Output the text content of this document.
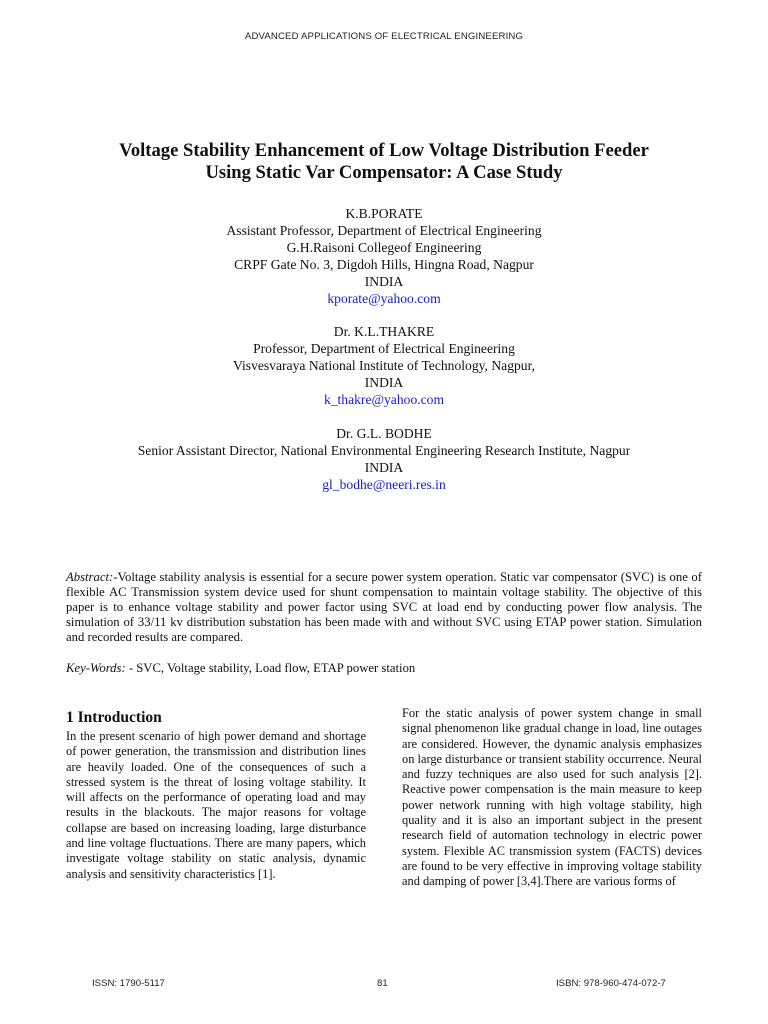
ADVANCED APPLICATIONS OF ELECTRICAL ENGINEERING
Voltage Stability Enhancement of Low Voltage Distribution Feeder
Using Static Var Compensator: A Case Study
K.B.PORATE
Assistant Professor, Department of Electrical Engineering
G.H.Raisoni Collegeof Engineering
CRPF Gate No. 3, Digdoh Hills, Hingna Road, Nagpur
INDIA
kporate@yahoo.com
Dr. K.L.THAKRE
Professor, Department of Electrical Engineering
Visvesvaraya National Institute of Technology, Nagpur,
INDIA
k_thakre@yahoo.com
Dr. G.L. BODHE
Senior Assistant Director, National Environmental Engineering Research Institute, Nagpur
INDIA
gl_bodhe@neeri.res.in

Abstract:-Voltage stability analysis is essential for a secure power system operation. Static var compensator (SVC) is one of flexible AC Transmission system device used for shunt compensation to maintain voltage stability. The objective of this paper is to enhance voltage stability and power factor using SVC at load end by conducting power flow analysis. The simulation of 33/11 kv distribution substation has been made with and without SVC using ETAP power station. Simulation and recorded results are compared.

Key-Words: - SVC, Voltage stability, Load flow, ETAP power station
1 Introduction

In the present scenario of high power demand and shortage of power generation, the transmission and distribution lines are heavily loaded. One of the consequences of such a stressed system is the threat of losing voltage stability. It will affects on the performance of operating load and may results in the blackouts. The major reasons for voltage collapse are based on increasing loading, large disturbance and line voltage fluctuations. There are many papers, which investigate voltage stability on static analysis, dynamic analysis and sensitivity characteristics [1].

For the static analysis of power system change in small signal phenomenon like gradual change in load, line outages are considered. However, the dynamic analysis emphasizes on large disturbance or transient stability occurrence. Neural and fuzzy techniques are also used for such analysis [2]. Reactive power compensation is the main measure to keep power network running with high voltage stability, high quality and it is also an important subject in the present research field of automation technology in electric power system. Flexible AC transmission system (FACTS) devices are found to be very effective in improving voltage stability and damping of power [3,4].There are various forms of

ISSN: 1790-5117	81	ISBN: 978-960-474-072-7
